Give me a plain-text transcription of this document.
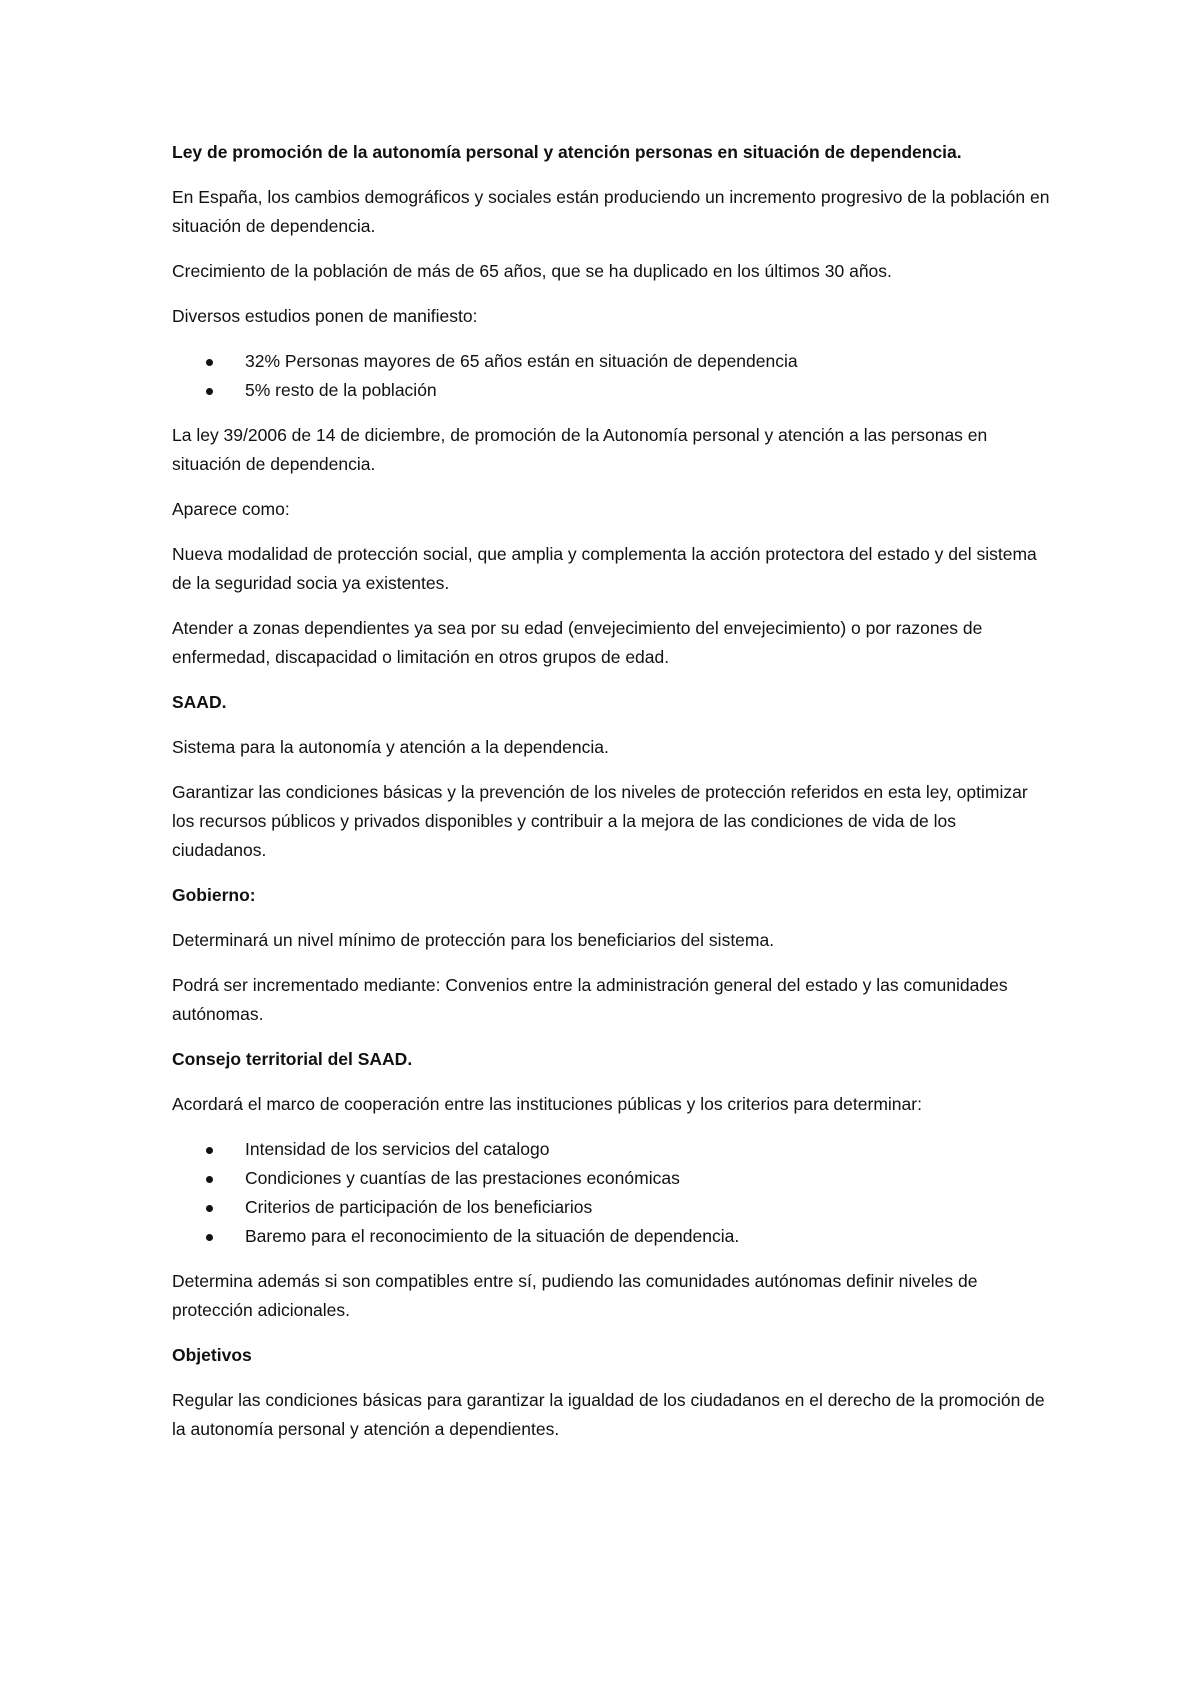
Ley de promoción de la autonomía personal y atención personas en situación de dependencia.

En España, los cambios demográficos y sociales están produciendo un incremento progresivo de la población en situación de dependencia.

Crecimiento de la población de más de 65 años, que se ha duplicado en los últimos 30 años.

Diversos estudios ponen de manifiesto:

32% Personas mayores de 65 años están en situación de dependencia
5% resto de la población

La ley 39/2006 de 14 de diciembre, de promoción de la Autonomía personal y atención a las personas en situación de dependencia.

Aparece como:

Nueva modalidad de protección social, que amplia y complementa la acción protectora del estado y del sistema de la seguridad socia ya existentes.

Atender a zonas dependientes ya sea por su edad (envejecimiento del envejecimiento) o por razones de enfermedad, discapacidad o limitación en otros grupos de edad.

SAAD.

Sistema para la autonomía y atención a la dependencia.

Garantizar las condiciones básicas y la prevención de los niveles de protección referidos en esta ley, optimizar los recursos públicos y privados disponibles y contribuir a la mejora de las condiciones de vida de los ciudadanos.

Gobierno:

Determinará un nivel mínimo de protección para los beneficiarios del sistema.

Podrá ser incrementado mediante: Convenios entre la administración general del estado y las comunidades autónomas.

Consejo territorial del SAAD.

Acordará el marco de cooperación entre las instituciones públicas y los criterios para determinar:

Intensidad de los servicios del catalogo
Condiciones y cuantías de las prestaciones económicas
Criterios de participación de los beneficiarios
Baremo para el reconocimiento de la situación de dependencia.

Determina además si son compatibles entre sí, pudiendo las comunidades autónomas definir niveles de protección adicionales.

Objetivos

Regular las condiciones básicas para garantizar la igualdad de los ciudadanos en el derecho de la promoción de la autonomía personal y atención a dependientes.
